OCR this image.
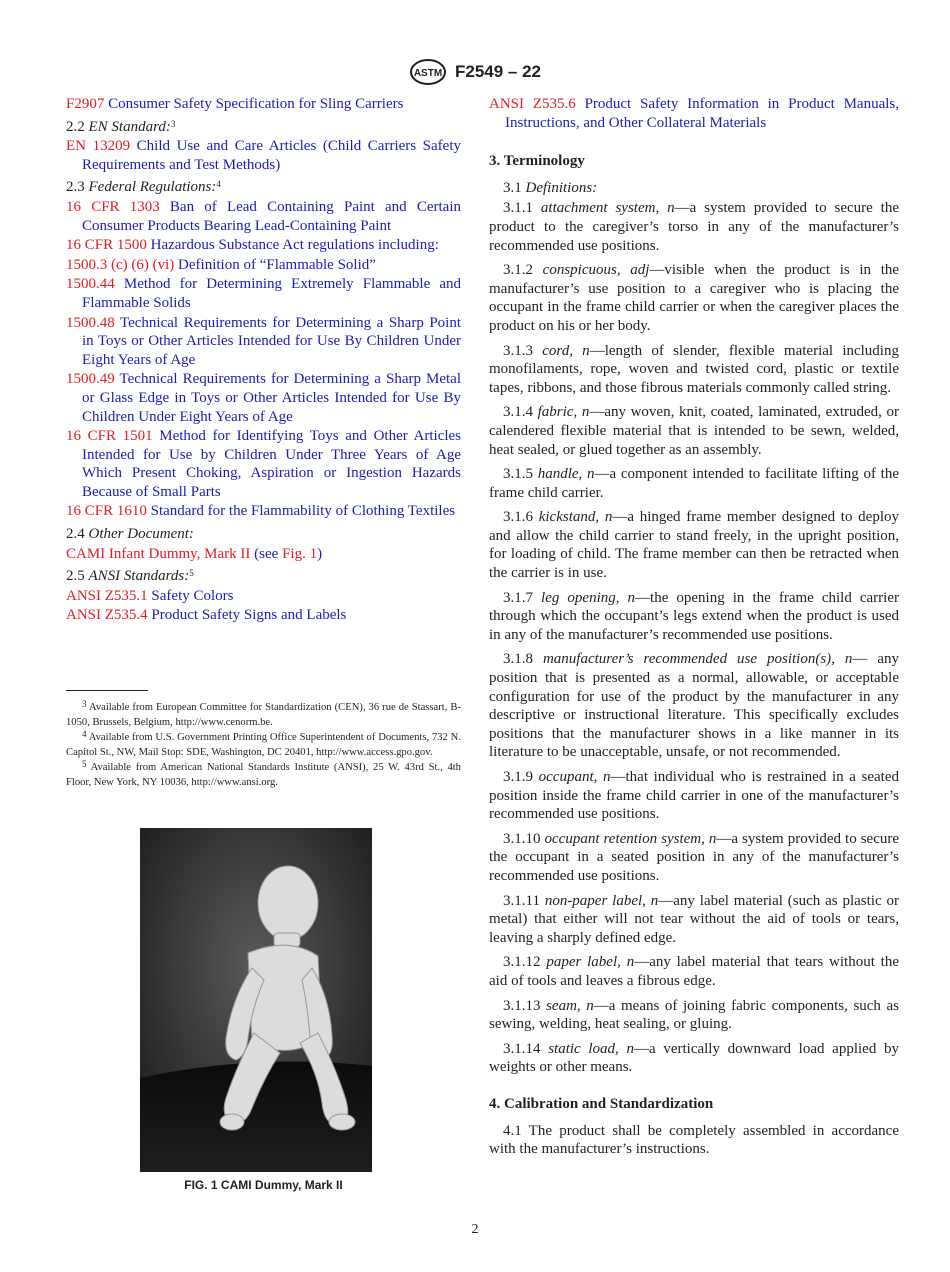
ASTM F2549 – 22

F2907 Consumer Safety Specification for Sling Carriers

2.2 EN Standard:$^3$

EN 13209 Child Use and Care Articles (Child Carriers Safety Requirements and Test Methods)

2.3 Federal Regulations:$^4$

16 CFR 1303 Ban of Lead Containing Paint and Certain Consumer Products Bearing Lead-Containing Paint

16 CFR 1500 Hazardous Substance Act regulations including:

1500.3 (c) (6) (vi) Definition of “Flammable Solid”

1500.44 Method for Determining Extremely Flammable and Flammable Solids

1500.48 Technical Requirements for Determining a Sharp Point in Toys or Other Articles Intended for Use By Children Under Eight Years of Age

1500.49 Technical Requirements for Determining a Sharp Metal or Glass Edge in Toys or Other Articles Intended for Use By Children Under Eight Years of Age

16 CFR 1501 Method for Identifying Toys and Other Articles Intended for Use by Children Under Three Years of Age Which Present Choking, Aspiration or Ingestion Hazards Because of Small Parts

16 CFR 1610 Standard for the Flammability of Clothing Textiles

2.4 Other Document:

CAMI Infant Dummy, Mark II (see Fig. 1)

2.5 ANSI Standards:$^5$

ANSI Z535.1 Safety Colors

ANSI Z535.4 Product Safety Signs and Labels

$^3$ Available from European Committee for Standardization (CEN), 36 rue de Stassart, B-1050, Brussels, Belgium, http://www.cenorm.be.

$^4$ Available from U.S. Government Printing Office Superintendent of Documents, 732 N. Capitol St., NW, Mail Stop: SDE, Washington, DC 20401, http://www.access.gpo.gov.

$^5$ Available from American National Standards Institute (ANSI), 25 W. 43rd St., 4th Floor, New York, NY 10036, http://www.ansi.org.

FIG. 1 CAMI Dummy, Mark II

ANSI Z535.6 Product Safety Information in Product Manuals, Instructions, and Other Collateral Materials

3. Terminology

3.1 Definitions:

3.1.1 attachment system, n—a system provided to secure the product to the caregiver’s torso in any of the manufacturer’s recommended use positions.

3.1.2 conspicuous, adj—visible when the product is in the manufacturer’s use position to a caregiver who is placing the occupant in the frame child carrier or when the caregiver places the product on his or her body.

3.1.3 cord, n—length of slender, flexible material including monofilaments, rope, woven and twisted cord, plastic or textile tapes, ribbons, and those fibrous materials commonly called string.

3.1.4 fabric, n—any woven, knit, coated, laminated, extruded, or calendered flexible material that is intended to be sewn, welded, heat sealed, or glued together as an assembly.

3.1.5 handle, n—a component intended to facilitate lifting of the frame child carrier.

3.1.6 kickstand, n—a hinged frame member designed to deploy and allow the child carrier to stand freely, in the upright position, for loading of child. The frame member can then be retracted when the carrier is in use.

3.1.7 leg opening, n—the opening in the frame child carrier through which the occupant’s legs extend when the product is used in any of the manufacturer’s recommended use positions.

3.1.8 manufacturer’s recommended use position(s), n— any position that is presented as a normal, allowable, or acceptable configuration for use of the product by the manufacturer in any descriptive or instructional literature. This specifically excludes positions that the manufacturer shows in a like manner in its literature to be unacceptable, unsafe, or not recommended.

3.1.9 occupant, n—that individual who is restrained in a seated position inside the frame child carrier in one of the manufacturer’s recommended use positions.

3.1.10 occupant retention system, n—a system provided to secure the occupant in a seated position in any of the manufacturer’s recommended use positions.

3.1.11 non-paper label, n—any label material (such as plastic or metal) that either will not tear without the aid of tools or tears, leaving a sharply defined edge.

3.1.12 paper label, n—any label material that tears without the aid of tools and leaves a fibrous edge.

3.1.13 seam, n—a means of joining fabric components, such as sewing, welding, heat sealing, or gluing.

3.1.14 static load, n—a vertically downward load applied by weights or other means.

4. Calibration and Standardization

4.1 The product shall be completely assembled in accordance with the manufacturer’s instructions.

2
